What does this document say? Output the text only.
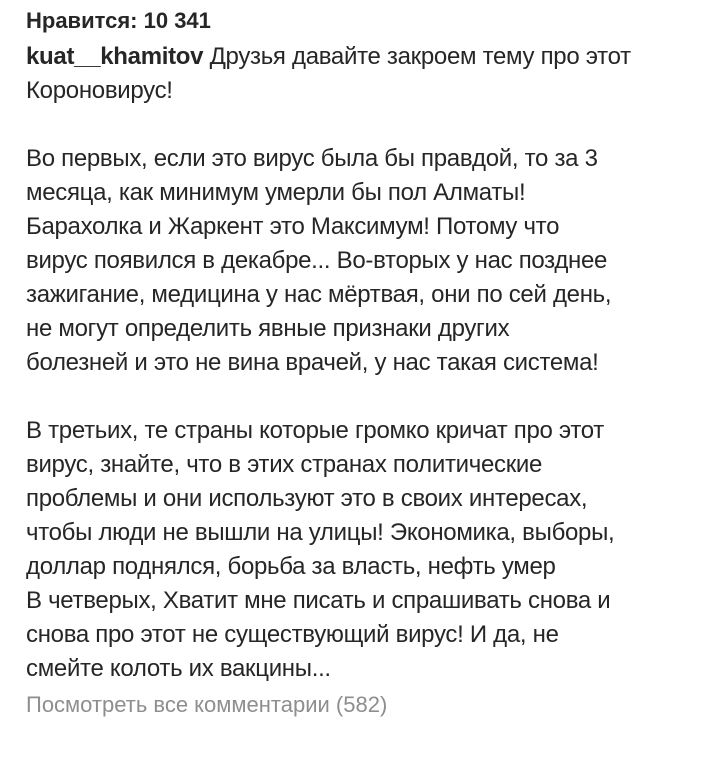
Нравится: 10 341
kuat__khamitov Друзья давайте закроем тему про этот
Короновирус!
Во первых, если это вирус была бы правдой, то за 3
месяца, как минимум умерли бы пол Алматы!
Барахолка и Жаркент это Максимум! Потому что
вирус появился в декабре... Во-вторых у нас позднее
зажигание, медицина у нас мёртвая, они по сей день,
не могут определить явные признаки других
болезней и это не вина врачей, у нас такая система!
В третьих, те страны которые громко кричат про этот
вирус, знайте, что в этих странах политические
проблемы и они используют это в своих интересах,
чтобы люди не вышли на улицы! Экономика, выборы,
доллар поднялся, борьба за власть, нефть умер
В четверых, Хватит мне писать и спрашивать снова и
снова про этот не существующий вирус! И да, не
смейте колоть их вакцины...
Посмотреть все комментарии (582)
